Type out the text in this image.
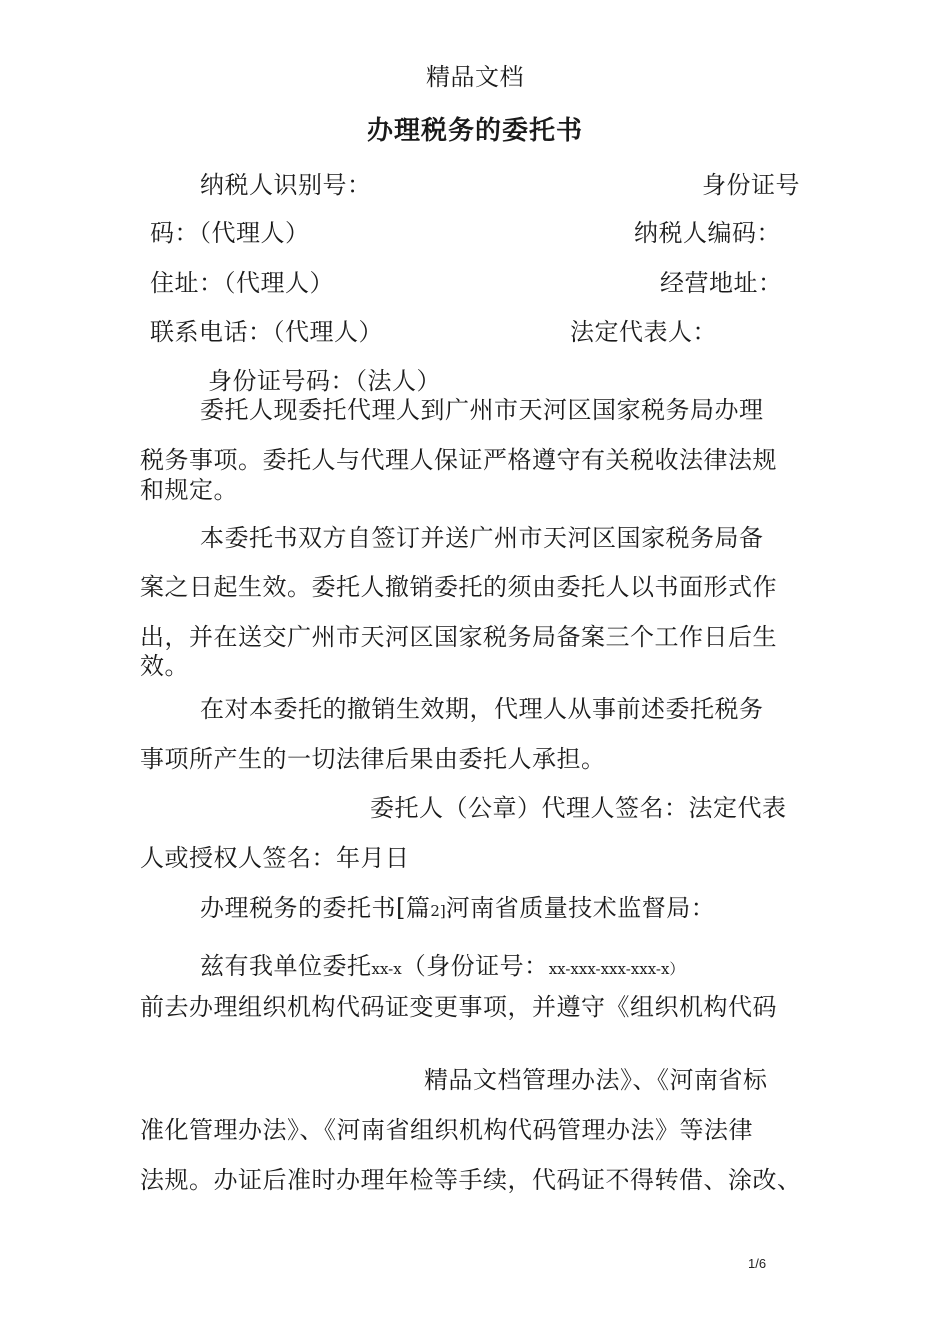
精品文档
办理税务的委托书
纳税人识别号：	身份证号
码：（代理人）	纳税人编码：
住址：（代理人）	经营地址：
联系电话：（代理人）	法定代表人：
身份证号码：（法人）
委托人现委托代理人到广州市天河区国家税务局办理
税务事项。委托人与代理人保证严格遵守有关税收法律法规
和规定。
本委托书双方自签订并送广州市天河区国家税务局备
案之日起生效。委托人撤销委托的须由委托人以书面形式作
出，并在送交广州市天河区国家税务局备案三个工作日后生
效。
在对本委托的撤销生效期，代理人从事前述委托税务
事项所产生的一切法律后果由委托人承担。
委托人（公章）代理人签名：法定代表
人或授权人签名：年月日
办理税务的委托书[篇2]河南省质量技术监督局：
兹有我单位委托xx-x（身份证号：xx-xxx-xxx-xxx-x）
前去办理组织机构代码证变更事项，并遵守《组织机构代码
精品文档管理办法》、《河南省标
准化管理办法》、《河南省组织机构代码管理办法》等法律
法规。办证后准时办理年检等手续，代码证不得转借、涂改、
1/6
